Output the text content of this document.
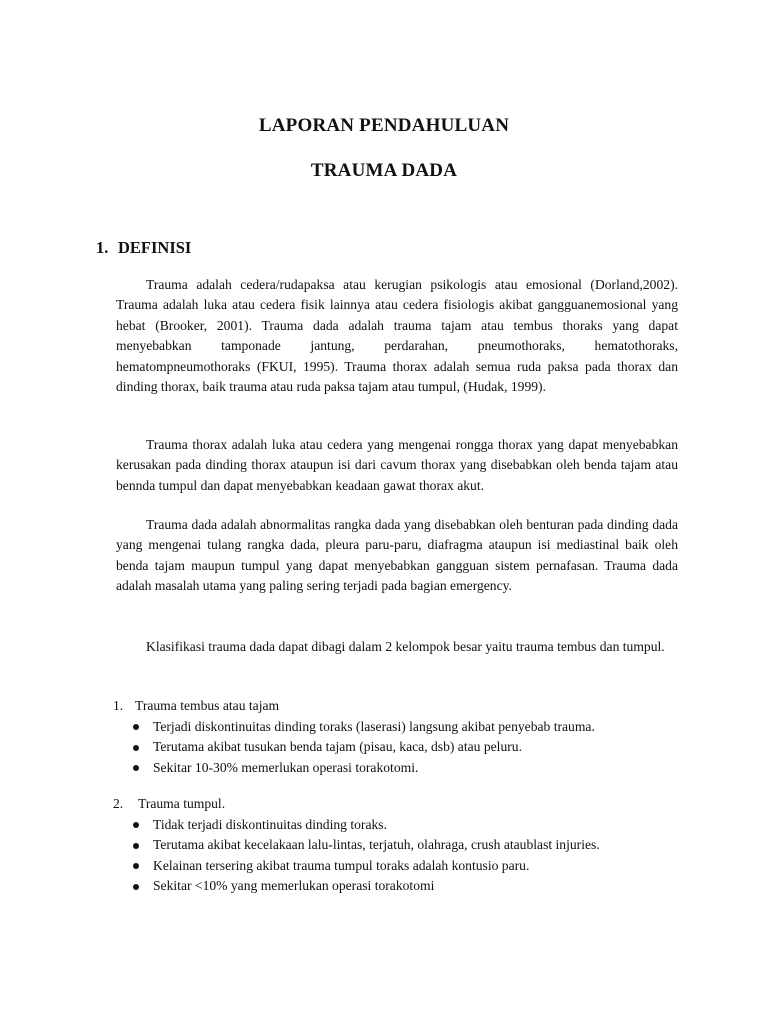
LAPORAN PENDAHULUAN
TRAUMA DADA
1. DEFINISI

Trauma adalah cedera/rudapaksa atau kerugian psikologis atau emosional (Dorland,2002). Trauma adalah luka atau cedera fisik lainnya atau cedera fisiologis akibat gangguanemosional yang hebat (Brooker, 2001). Trauma dada adalah trauma tajam atau tembus thoraks yang dapat menyebabkan tamponade jantung, perdarahan, pneumothoraks, hematothoraks, hematompneumothoraks (FKUI, 1995). Trauma thorax adalah semua ruda paksa pada thorax dan dinding thorax, baik trauma atau ruda paksa tajam atau tumpul, (Hudak, 1999).

Trauma thorax adalah luka atau cedera yang mengenai rongga thorax yang dapat menyebabkan kerusakan pada dinding thorax ataupun isi dari cavum thorax yang disebabkan oleh benda tajam atau bennda tumpul dan dapat menyebabkan keadaan gawat thorax akut.

Trauma dada adalah abnormalitas rangka dada yang disebabkan oleh benturan pada dinding dada yang mengenai tulang rangka dada, pleura paru-paru, diafragma ataupun isi mediastinal baik oleh benda tajam maupun tumpul yang dapat menyebabkan gangguan sistem pernafasan. Trauma dada adalah masalah utama yang paling sering terjadi pada bagian emergency.

Klasifikasi trauma dada dapat dibagi dalam 2 kelompok besar yaitu trauma tembus dan tumpul.

1. Trauma tembus atau tajam
Terjadi diskontinuitas dinding toraks (laserasi) langsung akibat penyebab trauma.
Terutama akibat tusukan benda tajam (pisau, kaca, dsb) atau peluru.
Sekitar 10-30% memerlukan operasi torakotomi.
2. Trauma tumpul.
Tidak terjadi diskontinuitas dinding toraks.
Terutama akibat kecelakaan lalu-lintas, terjatuh, olahraga, crush ataublast injuries.
Kelainan tersering akibat trauma tumpul toraks adalah kontusio paru.
Sekitar <10% yang memerlukan operasi torakotomi
